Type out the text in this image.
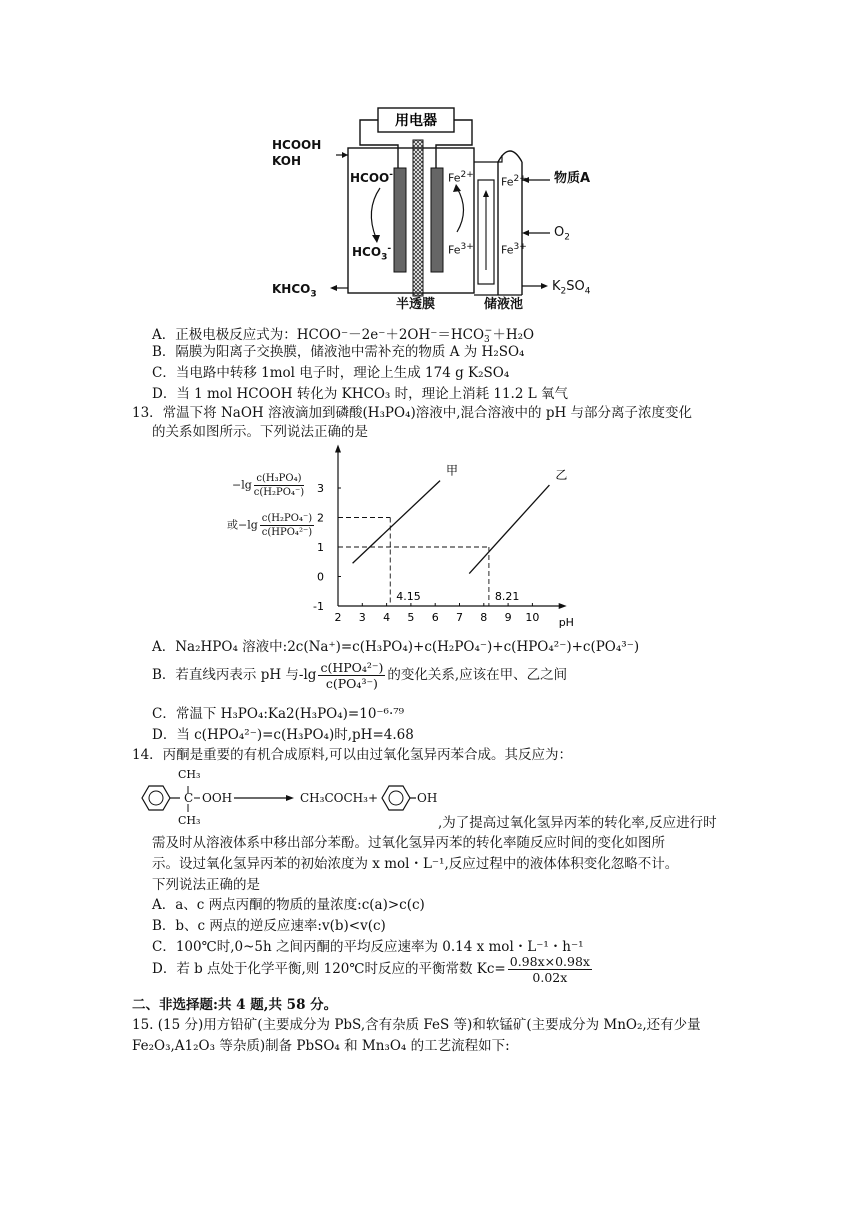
用电器
HCOOH
KOH
$KHCO_3$
HCOO-
$HCO_3^-$
$Fe^{2+}$
$Fe^{3+}$
$Fe^{2+}$
$Fe^{3+}$
物质A
$O_2$
$K_2SO_4$
半透膜	储液池
A．正极电极反应式为：$HCOO^--2e^-+2OH^-=HCO_3^-+H_2O$
B．隔膜为阳离子交换膜，储液池中需补充的物质 A 为 H₂SO₄
C．当电路中转移 1mol 电子时，理论上生成 174 g K₂SO₄
D．当 1 mol HCOOH 转化为 KHCO₃ 时，理论上消耗 11.2 L 氧气
13．常温下将 NaOH 溶液滴加到磷酸(H₃PO₄)溶液中,混合溶液中的 pH 与部分离子浓度变化
的关系如图所示。下列说法正确的是
$-\lg \frac{\text{c(H₃PO₄)}}{\text{c(H₂PO₄⁻)}}$
或$-\lg \frac{\text{c(H₂PO₄⁻)}}{\text{c(HPO₄²⁻)}}$
2 3 4 5 6 7 8 9 10 pH
-1
0
1
2
3
4.15	8.21
甲	乙
A．Na₂HPO₄ 溶液中:2c(Na⁺)=c(H₃PO₄)+c(H₂PO₄⁻)+c(HPO₄²⁻)+c(PO₄³⁻)
B．若直线丙表示 pH 与$-\lg \frac{\text{c(HPO₄²⁻)}}{\text{c(PO₄³⁻)}}$ 的变化关系,应该在甲、乙之间
C．常温下 H₃PO₄:Ka2(H₃PO₄)=10⁻⁶·⁷⁹
D．当 c(HPO₄²⁻)=c(H₃PO₄)时,pH=4.68
14．丙酮是重要的有机合成原料,可以由过氧化氢异丙苯合成。其反应为：
CH₃
C OOH
CH₃
CH₃COCH₃ +	OH
,为了提高过氧化氢异丙苯的转化率,反应进行时
需及时从溶液体系中移出部分苯酚。过氧化氢异丙苯的转化率随反应时间的变化如图所
示。设过氧化氢异丙苯的初始浓度为 x mol・L⁻¹,反应过程中的液体体积变化忽略不计。
下列说法正确的是
A．a、c 两点丙酮的物质的量浓度:c(a)>c(c)
B．b、c 两点的逆反应速率:v(b)<v(c)
C．100℃时,0~5h 之间丙酮的平均反应速率为 0.14 x mol・L⁻¹・h⁻¹
D．若 b 点处于化学平衡,则 120℃时反应的平衡常数 $Kc= \frac{0.98x\times 0.98x}{0.02x}$
二、非选择题:共 4 题,共 58 分。
15. (15 分)用方铅矿(主要成分为 PbS,含有杂质 FeS 等)和软锰矿(主要成分为 MnO₂,还有少量
Fe₂O₃,A1₂O₃ 等杂质)制备 PbSO₄ 和 Mn₃O₄ 的工艺流程如下:
